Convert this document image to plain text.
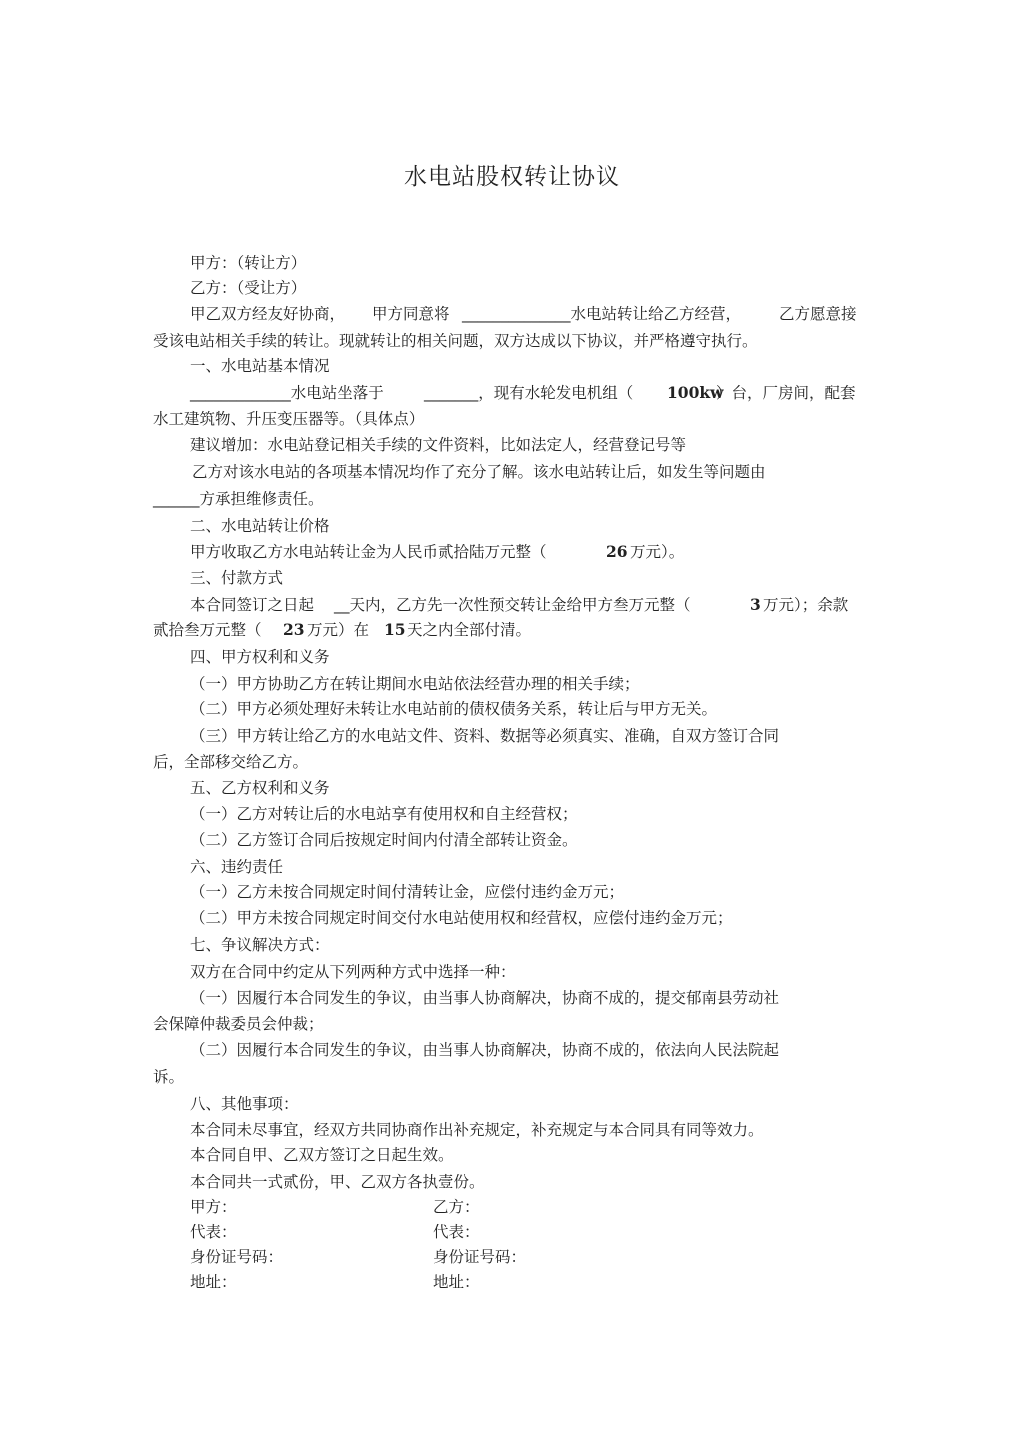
水电站股权转让协议
甲方：（转让方）
乙方：（受让方）
甲乙双方经友好协商， 甲方同意将 ______________水电站转让给乙方经营， 乙方愿意接
受该电站相关手续的转让。现就转让的相关问题，双方达成以下协议，并严格遵守执行。
一、水电站基本情况
_____________水电站坐落于	_______，现有水轮发电机组（ 100kw
）台，厂房间，配套
水工建筑物、升压变压器等。（具体点）
建议增加：水电站登记相关手续的文件资料，比如法定人，经营登记号等
乙方对该水电站的各项基本情况均作了充分了解。该水电站转让后，如发生等问题由
______方承担维修责任。
二、水电站转让价格
甲方收取乙方水电站转让金为人民币贰拾陆万元整（	26 万元）。
三、付款方式
本合同签订之日起 __天内，乙方先一次性预交转让金给甲方叁万元整（	3 万元）；余款
贰拾叁万元整（ 23 万元）在 15 天之内全部付清。
四、甲方权利和义务
（一）甲方协助乙方在转让期间水电站依法经营办理的相关手续；
（二）甲方必须处理好未转让水电站前的债权债务关系，转让后与甲方无关。
（三）甲方转让给乙方的水电站文件、资料、数据等必须真实、准确，自双方签订合同
后，全部移交给乙方。
五、乙方权利和义务
（一）乙方对转让后的水电站享有使用权和自主经营权；
（二）乙方签订合同后按规定时间内付清全部转让资金。
六、违约责任
（一）乙方未按合同规定时间付清转让金，应偿付违约金万元；
（二）甲方未按合同规定时间交付水电站使用权和经营权，应偿付违约金万元；
七、争议解决方式：
双方在合同中约定从下列两种方式中选择一种：
（一）因履行本合同发生的争议，由当事人协商解决，协商不成的，提交郁南县劳动社
会保障仲裁委员会仲裁；
（二）因履行本合同发生的争议，由当事人协商解决，协商不成的，依法向人民法院起
诉。
八、其他事项：
本合同未尽事宜，经双方共同协商作出补充规定，补充规定与本合同具有同等效力。
本合同自甲、乙双方签订之日起生效。
本合同共一式贰份，甲、乙双方各执壹份。
甲方：	乙方：
代表：	代表：
身份证号码：	身份证号码：
地址：	地址：
